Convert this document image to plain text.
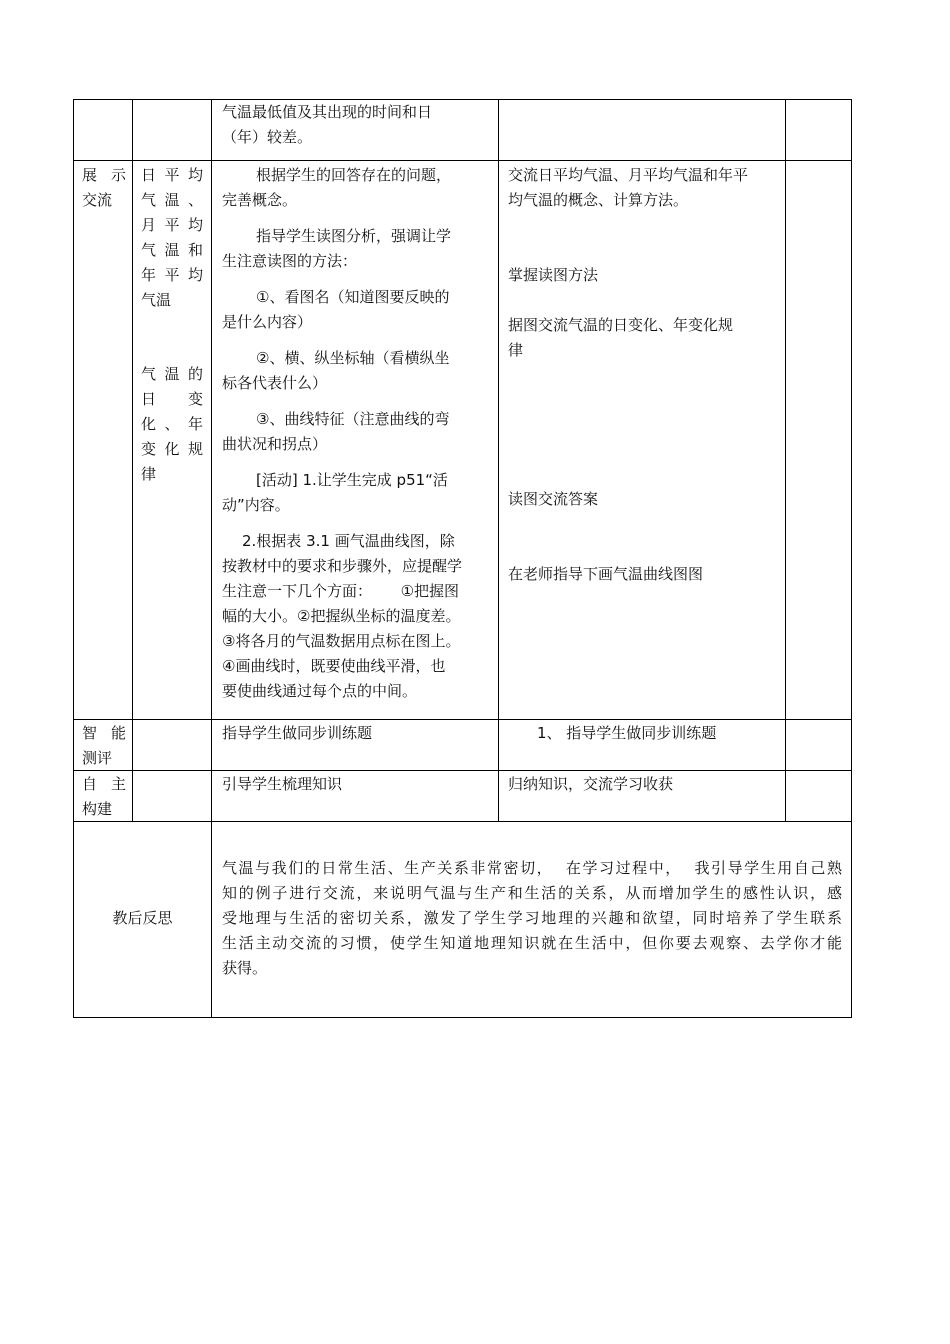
气温最低值及其出现的时间和日

（年）较差。

展 示

交流

日平均

气温、

月平均

气温和

年平均

气温

气温的

日 变

化、年

变化规

律

根据学生的回答存在的问题，

完善概念。

指导学生读图分析，强调让学

生注意读图的方法：

①、看图名（知道图要反映的

是什么内容）

②、横、纵坐标轴（看横纵坐

标各代表什么）

③、曲线特征（注意曲线的弯

曲状况和拐点）

[活动] 1.让学生完成 p51“活

动”内容。

2.根据表 3.1 画气温曲线图，除

按教材中的要求和步骤外，应提醒学

生注意一下几个方面：      ①把握图

幅的大小。②把握纵坐标的温度差。

③将各月的气温数据用点标在图上。

④画曲线时，既要使曲线平滑，也

要使曲线通过每个点的中间。

交流日平均气温、月平均气温和年平

均气温的概念、计算方法。

掌握读图方法

据图交流气温的日变化、年变化规

律

读图交流答案

在老师指导下画气温曲线图图

智 能

测评

指导学生做同步训练题	1、 指导学生做同步训练题

自 主

构建

引导学生梳理知识	归纳知识，交流学习收获

教后反思

气温与我们的日常生活、生产关系非常密切，  在学习过程中，  我引导学生用自己熟

知的例子进行交流，来说明气温与生产和生活的关系，从而增加学生的感性认识，感

受地理与生活的密切关系，激发了学生学习地理的兴趣和欲望，同时培养了学生联系

生活主动交流的习惯，使学生知道地理知识就在生活中，但你要去观察、去学你才能

获得。
